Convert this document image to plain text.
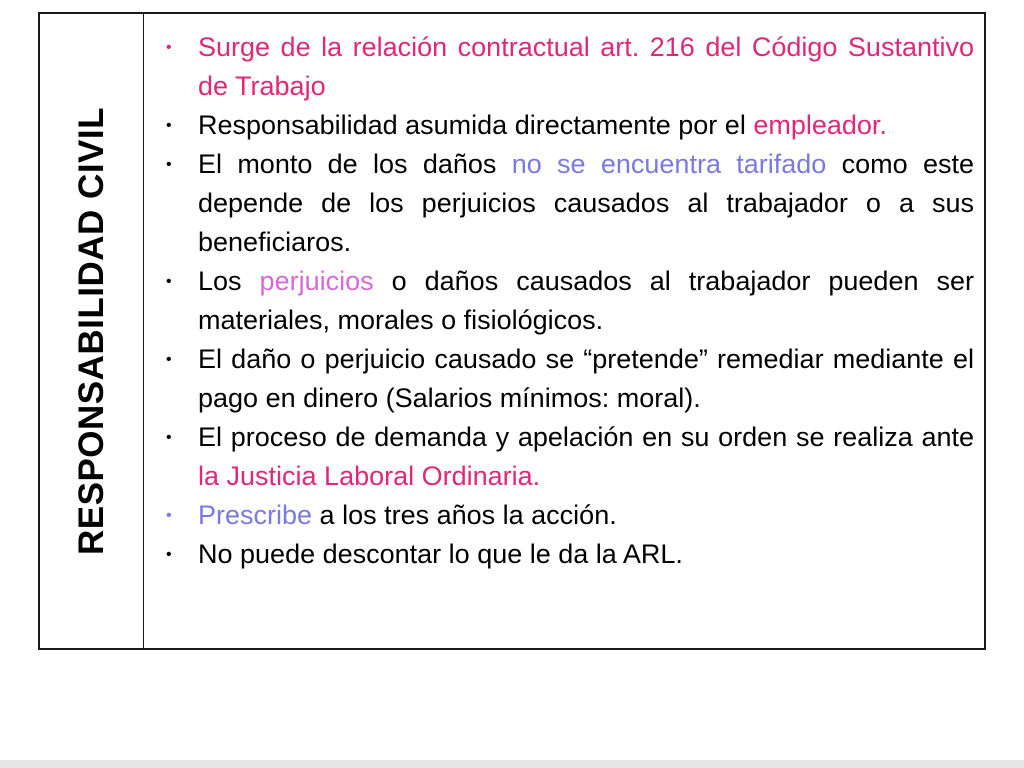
RESPONSABILIDAD CIVIL
• Surge de la relación contractual art. 216 del Código Sustantivo de Trabajo
• Responsabilidad asumida directamente por el empleador.
• El monto de los daños no se encuentra tarifado como este depende de los perjuicios causados al trabajador o a sus beneficiaros.
• Los perjuicios o daños causados al trabajador pueden ser materiales, morales o fisiológicos.
• El daño o perjuicio causado se “pretende” remediar mediante el pago en dinero (Salarios mínimos: moral).
• El proceso de demanda y apelación en su orden se realiza ante la Justicia Laboral Ordinaria.
• Prescribe a los tres años la acción.
• No puede descontar lo que le da la ARL.
